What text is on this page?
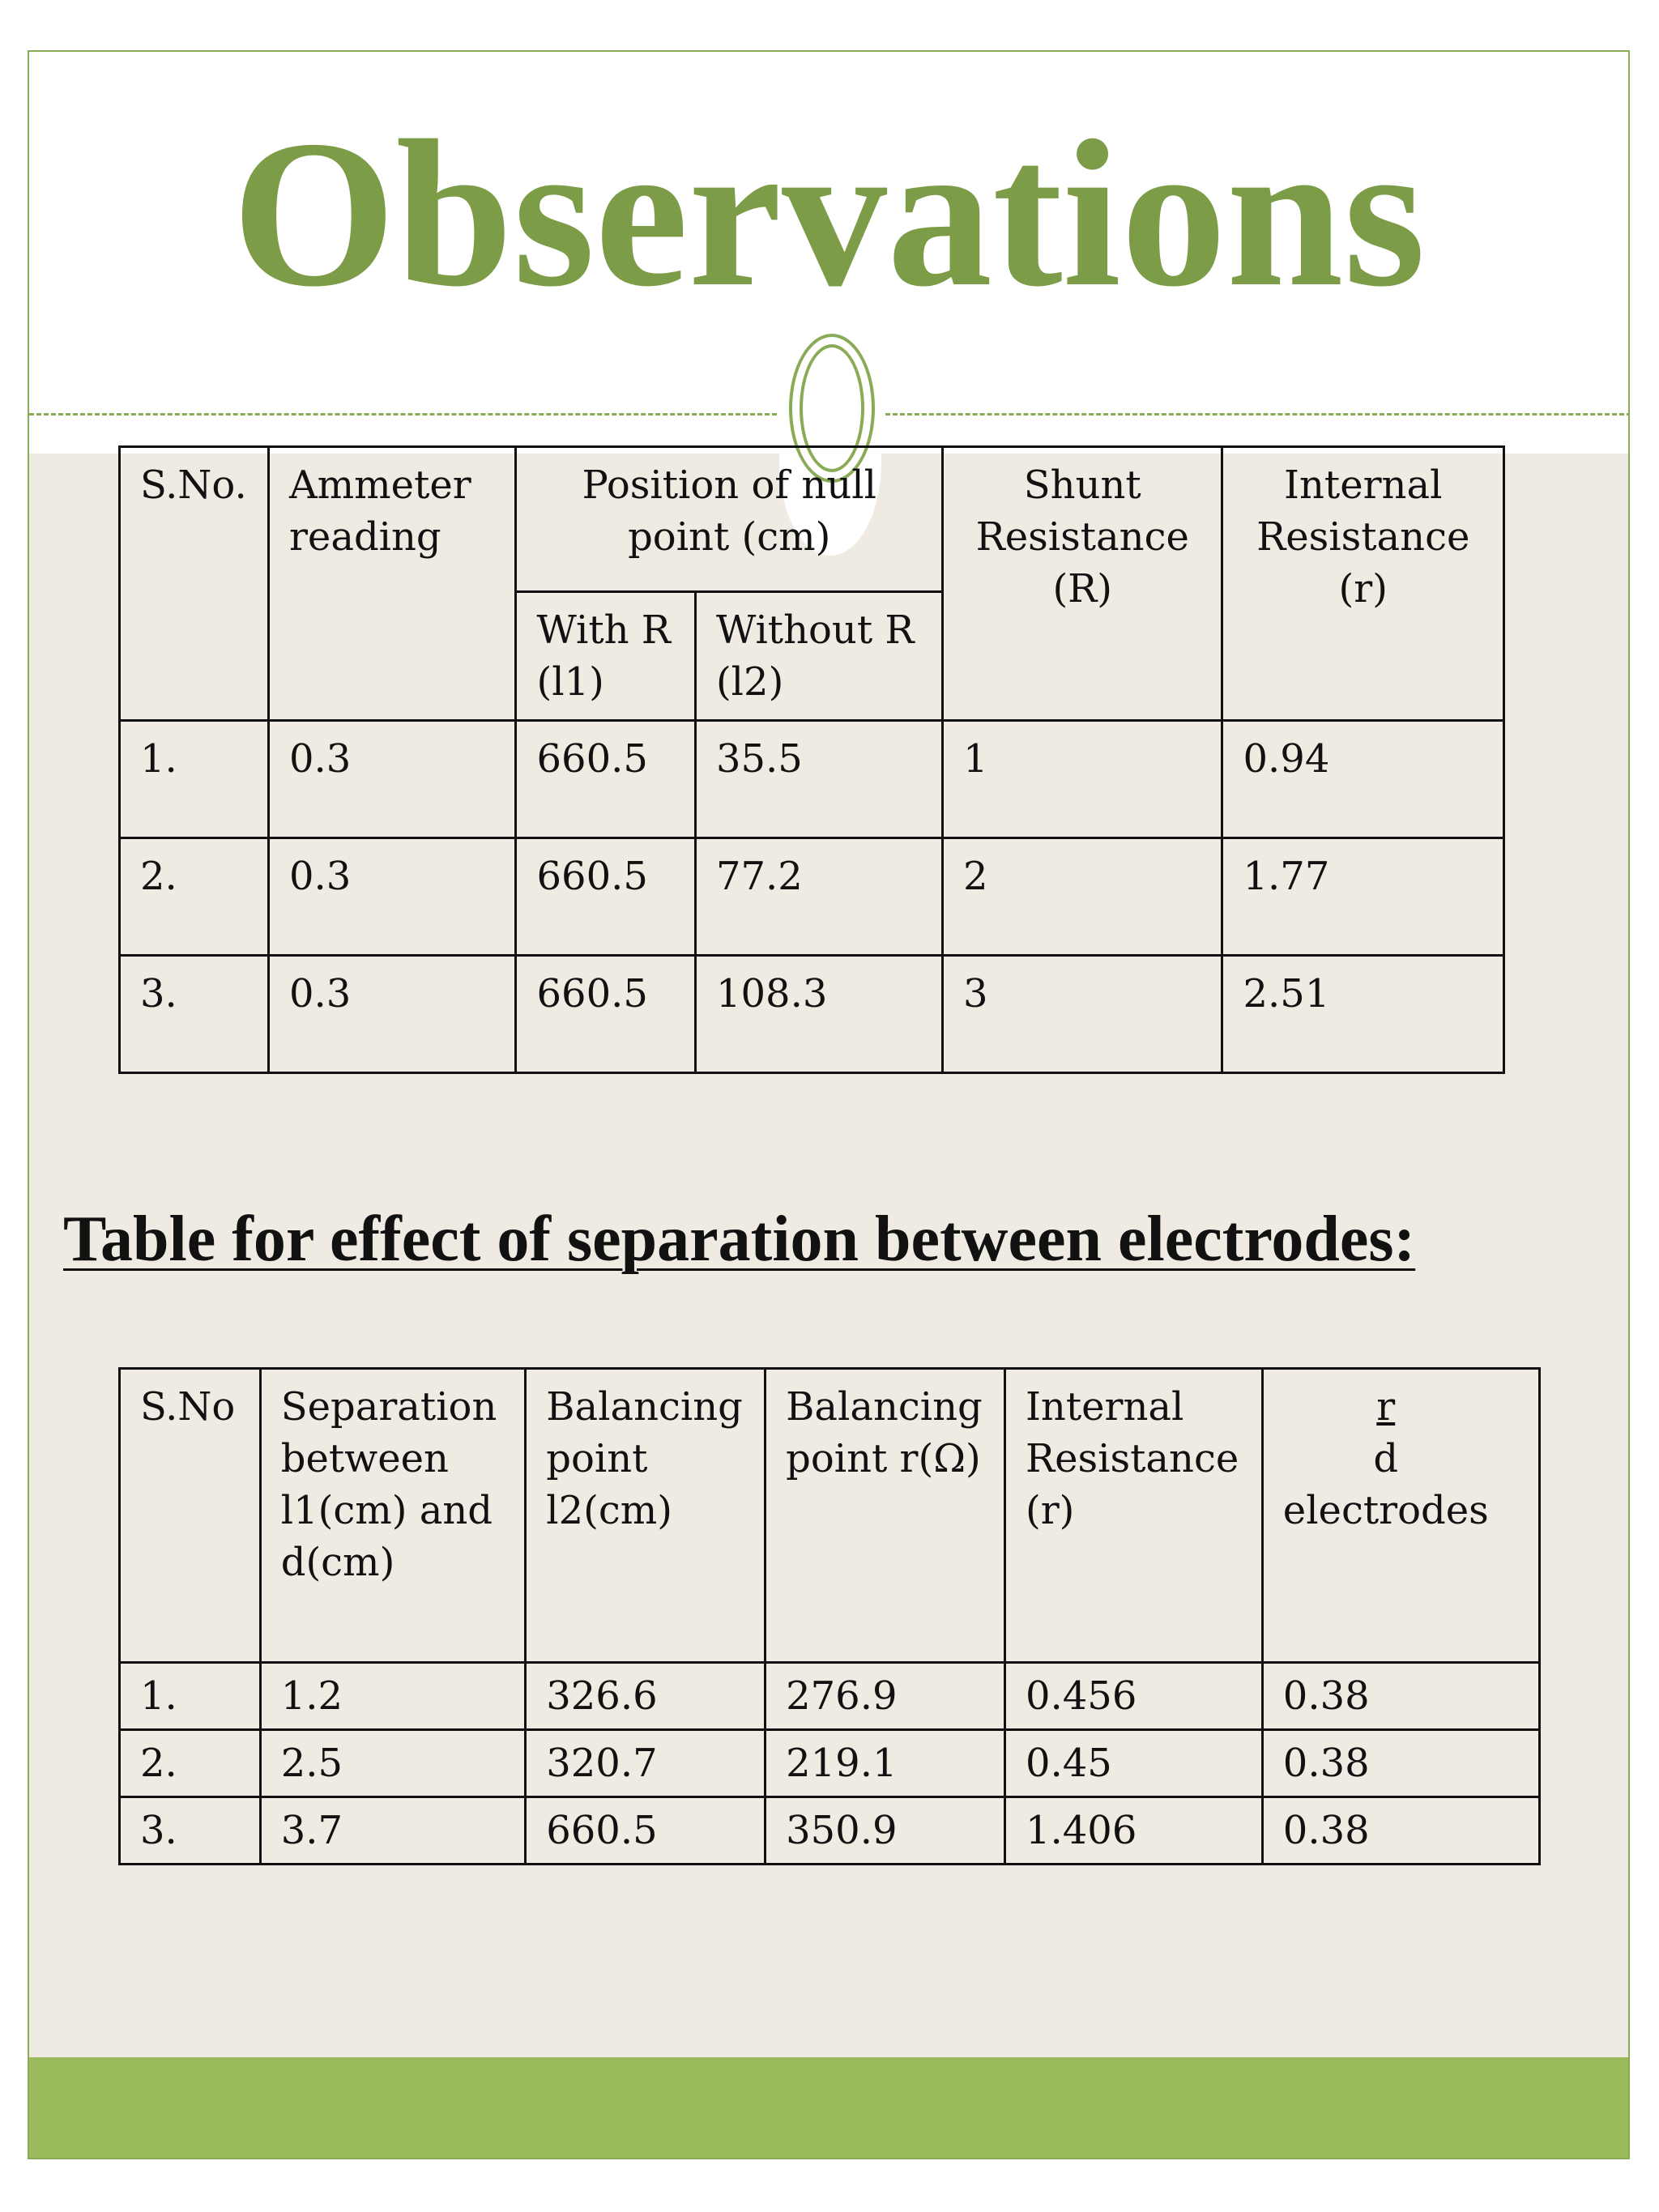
Observations
S.No.	Ammeter reading	Position of null point (cm)		Shunt Resistance (R)	Internal Resistance (r)
		With R (l1)	Without R (l2)		
1.	0.3	660.5	35.5	1	0.94
2.	0.3	660.5	77.2	2	1.77
3.	0.3	660.5	108.3	3	2.51
Table for effect of separation between electrodes:
S.No	Separation between l1(cm) and d(cm)	Balancing point l2(cm)	Balancing point r(Ω)	Internal Resistance (r)	r
d
electrodes

1.	1.2	326.6	276.9	0.456	0.38
2.	2.5	320.7	219.1	0.45	0.38
3.	3.7	660.5	350.9	1.406	0.38
